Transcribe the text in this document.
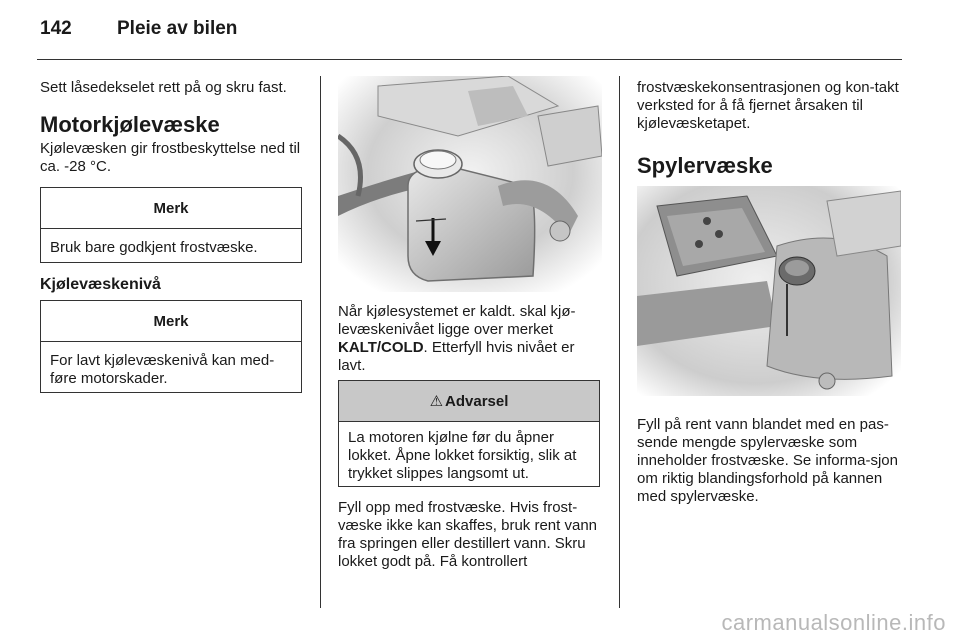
142 Pleie av bilen

Sett låsedekselet rett på og skru fast.

Motorkjølevæske

Kjølevæsken gir frostbeskyttelse ned til ca. -28 °C.

Merk
Bruk bare godkjent frostvæske.
Kjølevæskenivå
Merk
For lavt kjølevæskenivå kan med-føre motorskader.

Når kjølesystemet er kaldt. skal kjø-levæskenivået ligge over merket KALT/COLD. Etterfyll hvis nivået er lavt.

⚠ Advarsel
La motoren kjølne før du åpner lokket. Åpne lokket forsiktig, slik at trykket slippes langsomt ut.

Fyll opp med frostvæske. Hvis frost-væske ikke kan skaffes, bruk rent vann fra springen eller destillert vann. Skru lokket godt på. Få kontrollert

frostvæskekonsentrasjonen og kon-takt verksted for å få fjernet årsaken til kjølevæsketapet.

Spylervæske

Fyll på rent vann blandet med en pas-sende mengde spylervæske som inneholder frostvæske. Se informa-sjon om riktig blandingsforhold på kannen med spylervæske.

carmanualsonline.info
